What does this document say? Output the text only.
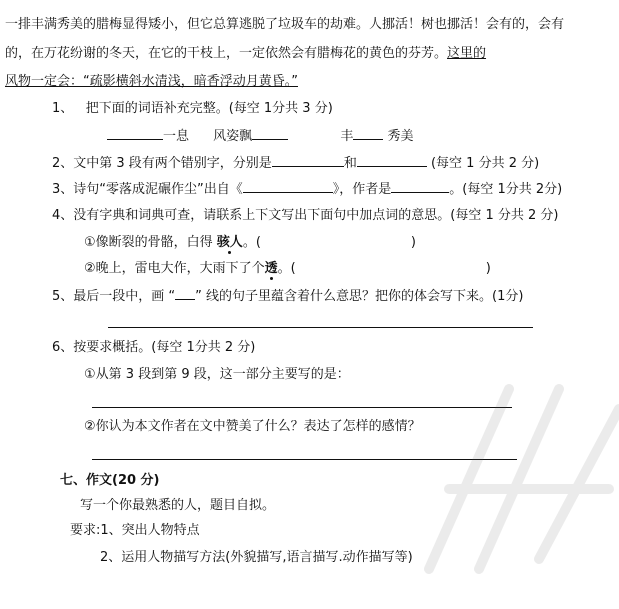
一排丰满秀美的腊梅显得矮小，但它总算逃脱了垃圾车的劫难。人挪活！树也挪活！会有的，会有
的，在万花纷谢的冬天，在它的干枝上，一定依然会有腊梅花的黄色的芬芳。这里的
风物一定会：“疏影横斜水清浅，暗香浮动月黄昏。”
1、 把下面的词语补充完整。(每空 1分共 3 分)
一息 风姿飘	丰	秀美
2、文中第 3 段有两个错别字，分别是	和	(每空 1 分共 2 分)
3、诗句“零落成泥碾作尘”出自《	》，作者是	。(每空 1分共 2分)
4、没有字典和词典可查，请联系上下文写出下面句中加点词的意思。(每空 1 分共 2 分)
①像断裂的骨骼，白得 骇人。(	)
②晚上，雷电大作，大雨下了个透。(	)
5、最后一段中，画 “ ” 线的句子里蕴含着什么意思？把你的体会写下来。(1分)
6、按要求概括。(每空 1分共 2 分)
①从第 3 段到第 9 段，这一部分主要写的是：
②你认为本文作者在文中赞美了什么？表达了怎样的感情？
七、作文(20 分)
写一个你最熟悉的人，题目自拟。
要求:1、突出人物特点
2、运用人物描写方法(外貌描写,语言描写.动作描写等)
